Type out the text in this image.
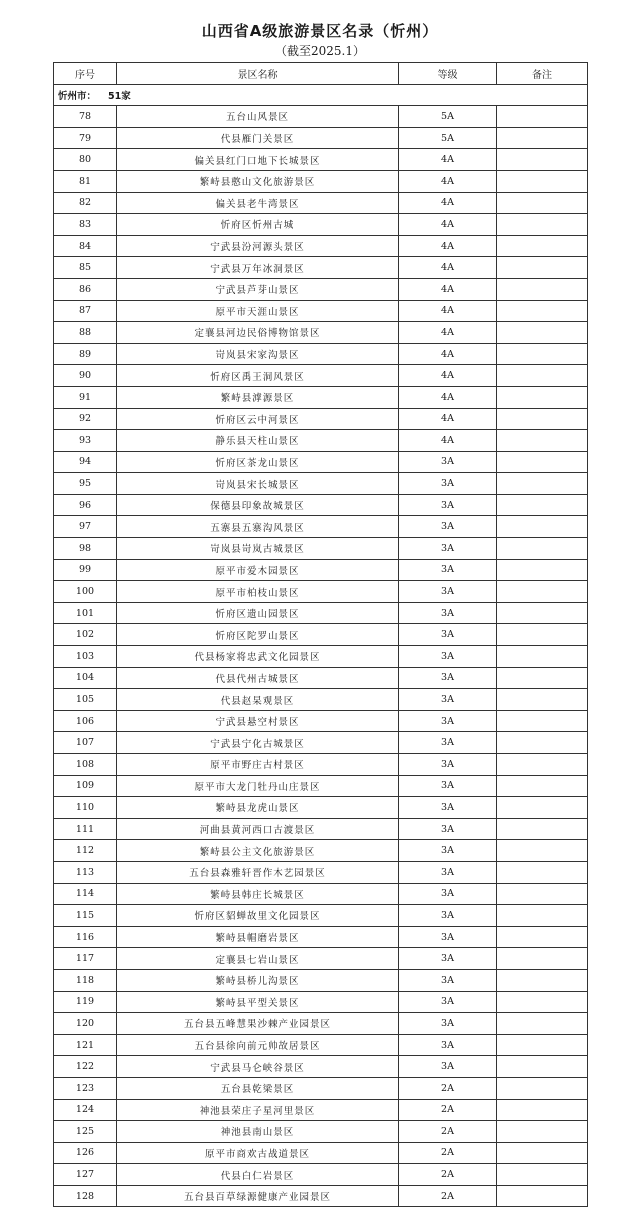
山西省A级旅游景区名录（忻州）
（截至2025.1）
序号	景区名称	等级	备注
忻州市： 51家			
78	五台山风景区	5A	
79	代县雁门关景区	5A	
80	偏关县红门口地下长城景区	4A	
81	繁峙县憨山文化旅游景区	4A	
82	偏关县老牛湾景区	4A	
83	忻府区忻州古城	4A	
84	宁武县汾河源头景区	4A	
85	宁武县万年冰洞景区	4A	
86	宁武县芦芽山景区	4A	
87	原平市天涯山景区	4A	
88	定襄县河边民俗博物馆景区	4A	
89	岢岚县宋家沟景区	4A	
90	忻府区禹王洞风景区	4A	
91	繁峙县滹源景区	4A	
92	忻府区云中河景区	4A	
93	静乐县天柱山景区	4A	
94	忻府区茶龙山景区	3A	
95	岢岚县宋长城景区	3A	
96	保德县印象故城景区	3A	
97	五寨县五寨沟风景区	3A	
98	岢岚县岢岚古城景区	3A	
99	原平市爱木园景区	3A	
100	原平市柏枝山景区	3A	
101	忻府区遗山园景区	3A	
102	忻府区陀罗山景区	3A	
103	代县杨家将忠武文化园景区	3A	
104	代县代州古城景区	3A	
105	代县赵杲观景区	3A	
106	宁武县悬空村景区	3A	
107	宁武县宁化古城景区	3A	
108	原平市野庄古村景区	3A	
109	原平市大龙门牡丹山庄景区	3A	
110	繁峙县龙虎山景区	3A	
111	河曲县黄河西口古渡景区	3A	
112	繁峙县公主文化旅游景区	3A	
113	五台县森雅轩晋作木艺园景区	3A	
114	繁峙县韩庄长城景区	3A	
115	忻府区貂蝉故里文化园景区	3A	
116	繁峙县帽磨岩景区	3A	
117	定襄县七岩山景区	3A	
118	繁峙县桥儿沟景区	3A	
119	繁峙县平型关景区	3A	
120	五台县五峰慧果沙棘产业园景区	3A	
121	五台县徐向前元帅故居景区	3A	
122	宁武县马仑峡谷景区	3A	
123	五台县乾梁景区	2A	
124	神池县荣庄子星河里景区	2A	
125	神池县南山景区	2A	
126	原平市商欢古战道景区	2A	
127	代县白仁岩景区	2A	
128	五台县百草绿源健康产业园景区	2A	
